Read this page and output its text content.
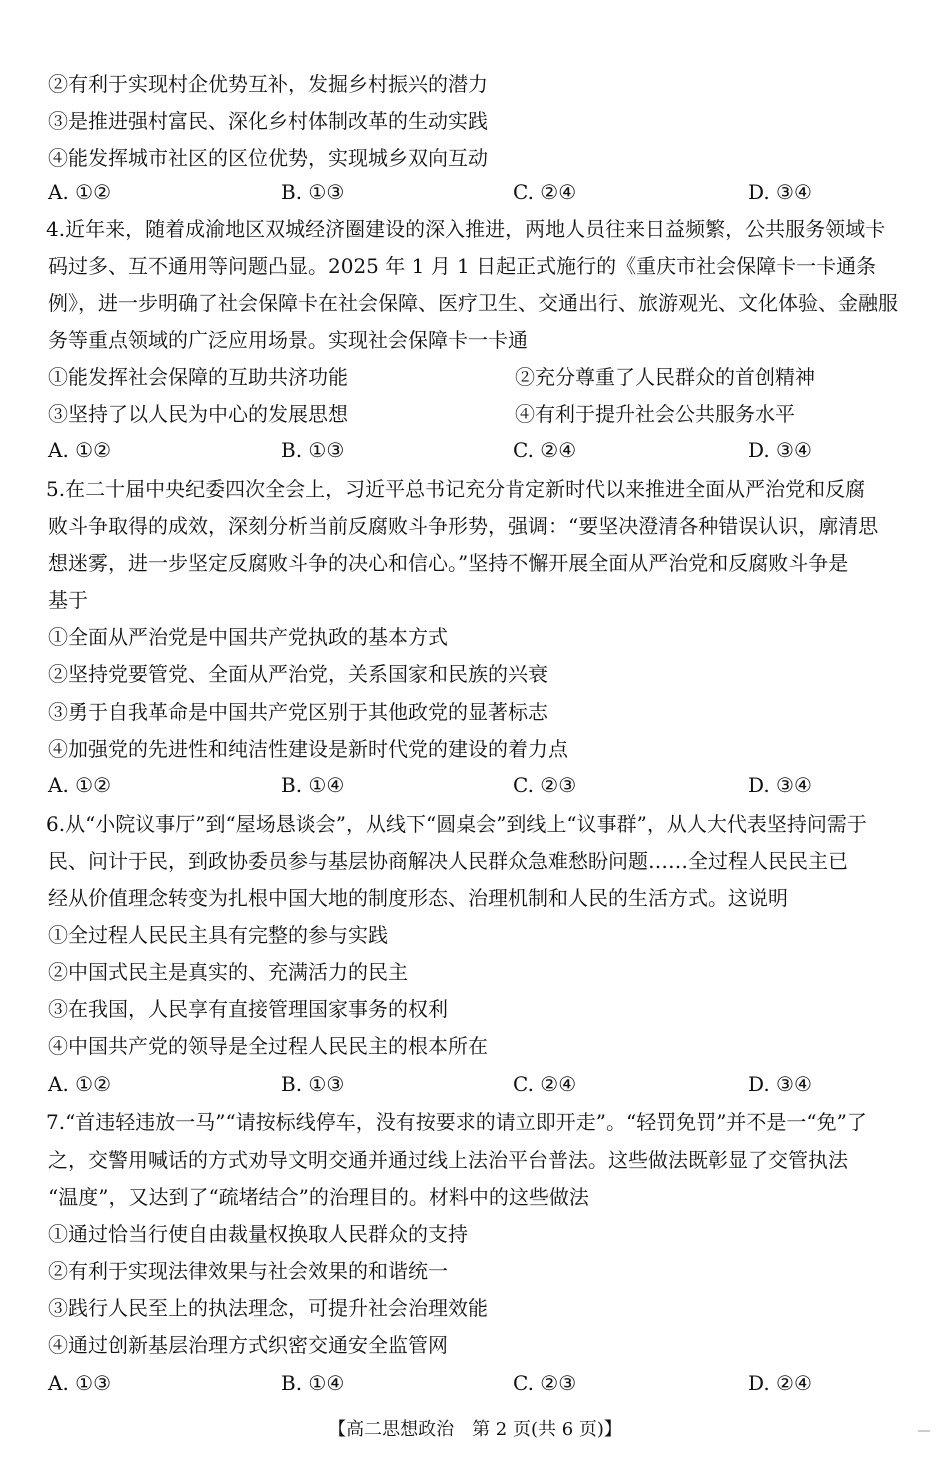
②有利于实现村企优势互补，发掘乡村振兴的潜力
③是推进强村富民、深化乡村体制改革的生动实践
④能发挥城市社区的区位优势，实现城乡双向互动
A. ①②	B. ①③	C. ②④	D. ③④
4.近年来，随着成渝地区双城经济圈建设的深入推进，两地人员往来日益频繁，公共服务领域卡
码过多、互不通用等问题凸显。2025 年 1 月 1 日起正式施行的《重庆市社会保障卡一卡通条
例》，进一步明确了社会保障卡在社会保障、医疗卫生、交通出行、旅游观光、文化体验、金融服
务等重点领域的广泛应用场景。实现社会保障卡一卡通
①能发挥社会保障的互助共济功能	②充分尊重了人民群众的首创精神
③坚持了以人民为中心的发展思想	④有利于提升社会公共服务水平
A. ①②	B. ①③	C. ②④	D. ③④
5.在二十届中央纪委四次全会上，习近平总书记充分肯定新时代以来推进全面从严治党和反腐
败斗争取得的成效，深刻分析当前反腐败斗争形势，强调：“要坚决澄清各种错误认识，廓清思
想迷雾，进一步坚定反腐败斗争的决心和信心。”坚持不懈开展全面从严治党和反腐败斗争是
基于
①全面从严治党是中国共产党执政的基本方式
②坚持党要管党、全面从严治党，关系国家和民族的兴衰
③勇于自我革命是中国共产党区别于其他政党的显著标志
④加强党的先进性和纯洁性建设是新时代党的建设的着力点
A. ①②	B. ①④	C. ②③	D. ③④
6.从“小院议事厅”到“屋场恳谈会”，从线下“圆桌会”到线上“议事群”，从人大代表坚持问需于
民、问计于民，到政协委员参与基层协商解决人民群众急难愁盼问题……全过程人民民主已
经从价值理念转变为扎根中国大地的制度形态、治理机制和人民的生活方式。这说明
①全过程人民民主具有完整的参与实践
②中国式民主是真实的、充满活力的民主
③在我国，人民享有直接管理国家事务的权利
④中国共产党的领导是全过程人民民主的根本所在
A. ①②	B. ①③	C. ②④	D. ③④
7.“首违轻违放一马”“请按标线停车，没有按要求的请立即开走”。“轻罚免罚”并不是一“免”了
之，交警用喊话的方式劝导文明交通并通过线上法治平台普法。这些做法既彰显了交管执法
“温度”，又达到了“疏堵结合”的治理目的。材料中的这些做法
①通过恰当行使自由裁量权换取人民群众的支持
②有利于实现法律效果与社会效果的和谐统一
③践行人民至上的执法理念，可提升社会治理效能
④通过创新基层治理方式织密交通安全监管网
A. ①③	B. ①④	C. ②③	D. ②④
【高二思想政治　第 2 页(共 6 页)】
